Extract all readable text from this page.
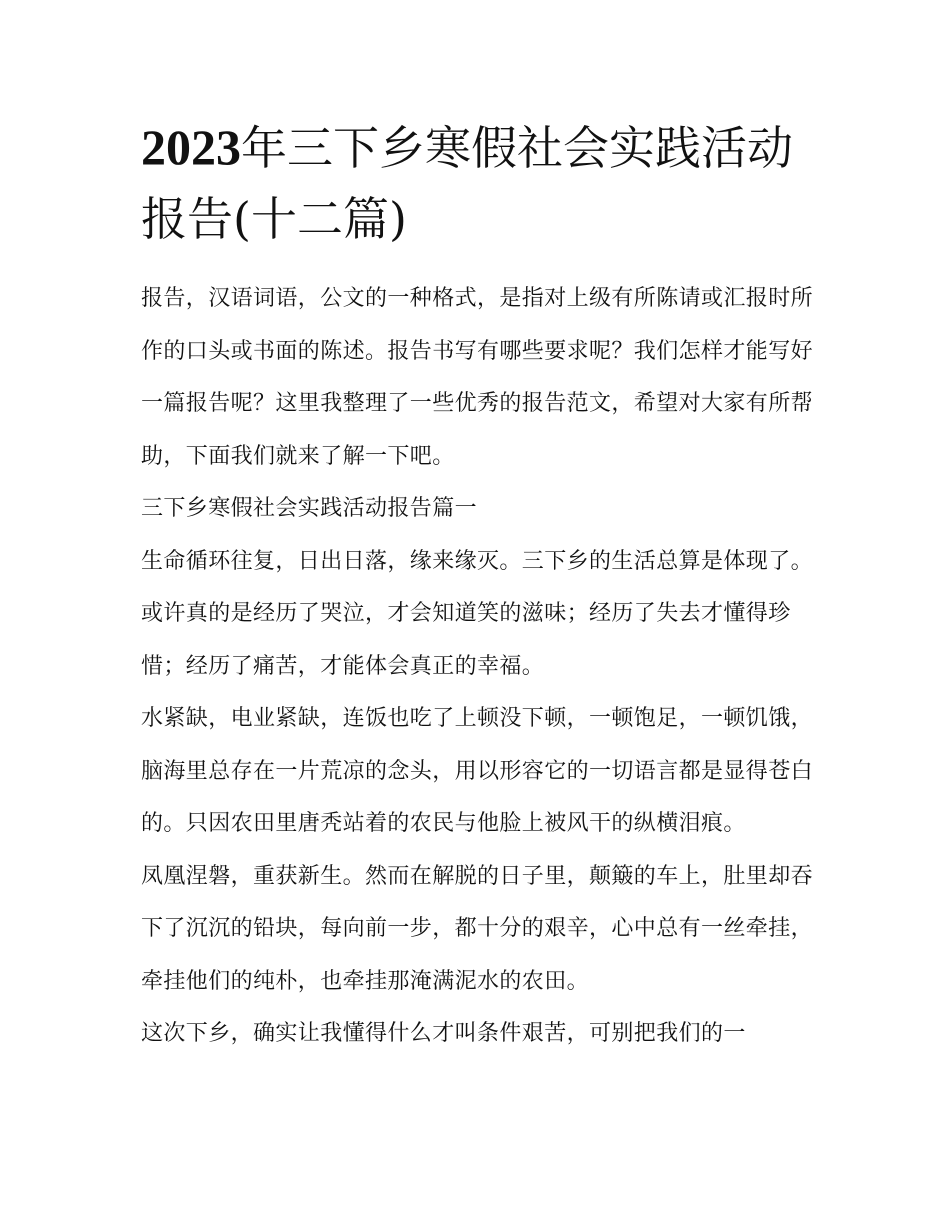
2023年三下乡寒假社会实践活动报告(十二篇)

报告，汉语词语，公文的一种格式，是指对上级有所陈请或汇报时所作的口头或书面的陈述。报告书写有哪些要求呢？我们怎样才能写好一篇报告呢？这里我整理了一些优秀的报告范文，希望对大家有所帮助，下面我们就来了解一下吧。

三下乡寒假社会实践活动报告篇一

生命循环往复，日出日落，缘来缘灭。三下乡的生活总算是体现了。或许真的是经历了哭泣，才会知道笑的滋味；经历了失去才懂得珍惜；经历了痛苦，才能体会真正的幸福。

水紧缺，电业紧缺，连饭也吃了上顿没下顿，一顿饱足，一顿饥饿，脑海里总存在一片荒凉的念头，用以形容它的一切语言都是显得苍白的。只因农田里唐秃站着的农民与他脸上被风干的纵横泪痕。

凤凰涅磐，重获新生。然而在解脱的日子里，颠簸的车上，肚里却吞下了沉沉的铅块，每向前一步，都十分的艰辛，心中总有一丝牵挂，牵挂他们的纯朴，也牵挂那淹满泥水的农田。

这次下乡，确实让我懂得什么才叫条件艰苦，可别把我们的一
